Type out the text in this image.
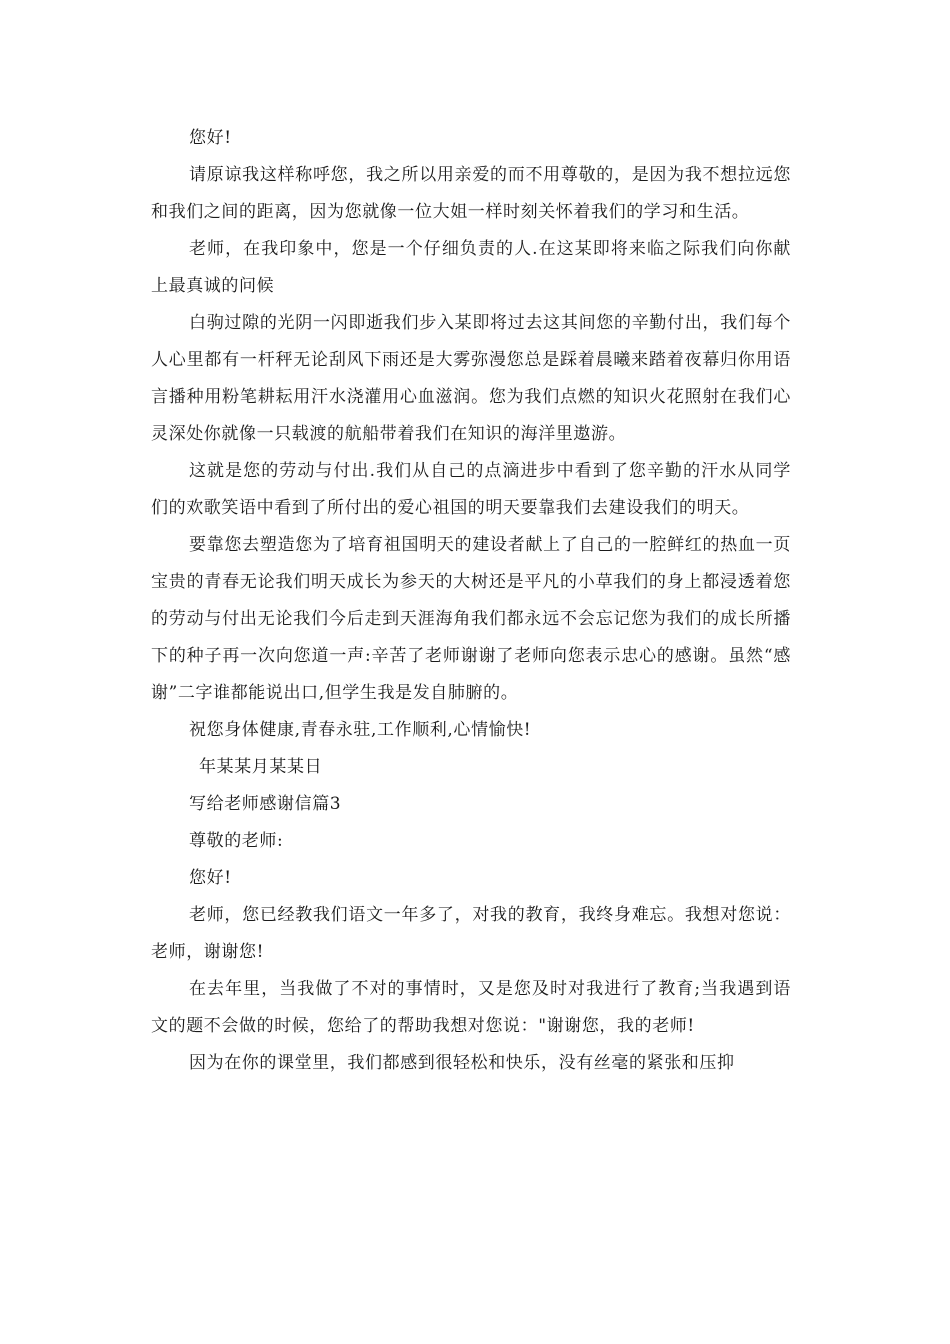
您好!

请原谅我这样称呼您，我之所以用亲爱的而不用尊敬的，是因为我不想拉远您和我们之间的距离，因为您就像一位大姐一样时刻关怀着我们的学习和生活。

老师，在我印象中，您是一个仔细负责的人.在这某即将来临之际我们向你献上最真诚的问候

白驹过隙的光阴一闪即逝我们步入某即将过去这其间您的辛勤付出，我们每个人心里都有一杆秤无论刮风下雨还是大雾弥漫您总是踩着晨曦来踏着夜幕归你用语言播种用粉笔耕耘用汗水浇灌用心血滋润。您为我们点燃的知识火花照射在我们心灵深处你就像一只载渡的航船带着我们在知识的海洋里遨游。

这就是您的劳动与付出.我们从自己的点滴进步中看到了您辛勤的汗水从同学们的欢歌笑语中看到了所付出的爱心祖国的明天要靠我们去建设我们的明天。

要靠您去塑造您为了培育祖国明天的建设者献上了自己的一腔鲜红的热血一页宝贵的青春无论我们明天成长为参天的大树还是平凡的小草我们的身上都浸透着您的劳动与付出无论我们今后走到天涯海角我们都永远不会忘记您为我们的成长所播下的种子再一次向您道一声:辛苦了老师谢谢了老师向您表示忠心的感谢。虽然“感谢”二字谁都能说出口,但学生我是发自肺腑的。

祝您身体健康,青春永驻,工作顺利,心情愉快!

年某某月某某日

写给老师感谢信篇3

尊敬的老师:

您好!

老师，您已经教我们语文一年多了，对我的教育，我终身难忘。我想对您说：老师，谢谢您!

在去年里，当我做了不对的事情时，又是您及时对我进行了教育;当我遇到语文的题不会做的时候，您给了的帮助我想对您说："谢谢您，我的老师!

因为在你的课堂里，我们都感到很轻松和快乐，没有丝毫的紧张和压抑
